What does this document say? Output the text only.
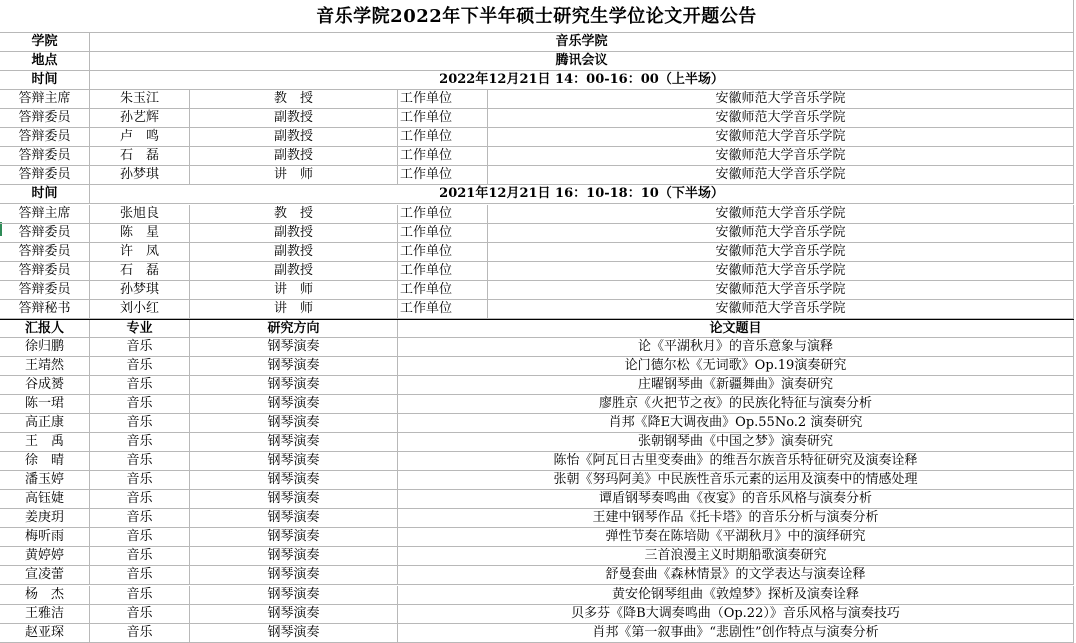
音乐学院2022年下半年硕士研究生学位论文开题公告
学院	音乐学院
地点	腾讯会议
时间	2022年12月21日 14：00-16：00（上半场）
答辩主席	朱玉江	教　授	工作单位	安徽师范大学音乐学院
答辩委员	孙艺辉	副教授	工作单位	安徽师范大学音乐学院
答辩委员	卢　鸣	副教授	工作单位	安徽师范大学音乐学院
答辩委员	石　磊	副教授	工作单位	安徽师范大学音乐学院
答辩委员	孙梦琪	讲　师	工作单位	安徽师范大学音乐学院
时间	2021年12月21日 16：10-18：10（下半场）
答辩主席	张旭良	教　授	工作单位	安徽师范大学音乐学院
答辩委员	陈　星	副教授	工作单位	安徽师范大学音乐学院
答辩委员	许　凤	副教授	工作单位	安徽师范大学音乐学院
答辩委员	石　磊	副教授	工作单位	安徽师范大学音乐学院
答辩委员	孙梦琪	讲　师	工作单位	安徽师范大学音乐学院
答辩秘书	刘小红	讲　师	工作单位	安徽师范大学音乐学院
汇报人	专业	研究方向	论文题目
徐归鹏	音乐	钢琴演奏	论《平湖秋月》的音乐意象与演释
王靖然	音乐	钢琴演奏	论门德尔松《无词歌》Op.19演奏研究
谷成赟	音乐	钢琴演奏	庄曜钢琴曲《新疆舞曲》演奏研究
陈一珺	音乐	钢琴演奏	廖胜京《火把节之夜》的民族化特征与演奏分析
高正康	音乐	钢琴演奏	肖邦《降E大调夜曲》Op.55No.2 演奏研究
王　禹	音乐	钢琴演奏	张朝钢琴曲《中国之梦》演奏研究
徐　晴	音乐	钢琴演奏	陈怡《阿瓦日古里变奏曲》的维吾尔族音乐特征研究及演奏诠释
潘玉婷	音乐	钢琴演奏	张朝《努玛阿美》中民族性音乐元素的运用及演奏中的情感处理
高钰婕	音乐	钢琴演奏	谭盾钢琴奏鸣曲《夜宴》的音乐风格与演奏分析
姜庚玥	音乐	钢琴演奏	王建中钢琴作品《托卡塔》的音乐分析与演奏分析
梅听雨	音乐	钢琴演奏	弹性节奏在陈培勋《平湖秋月》中的演绎研究
黄婷婷	音乐	钢琴演奏	三首浪漫主义时期船歌演奏研究
宣凌蕾	音乐	钢琴演奏	舒曼套曲《森林情景》的文学表达与演奏诠释
杨　杰	音乐	钢琴演奏	黄安伦钢琴组曲《敦煌梦》探析及演奏诠释
王雅洁	音乐	钢琴演奏	贝多芬《降B大调奏鸣曲（Op.22）》音乐风格与演奏技巧
赵亚琛	音乐	钢琴演奏	肖邦《第一叙事曲》“悲剧性”创作特点与演奏分析
